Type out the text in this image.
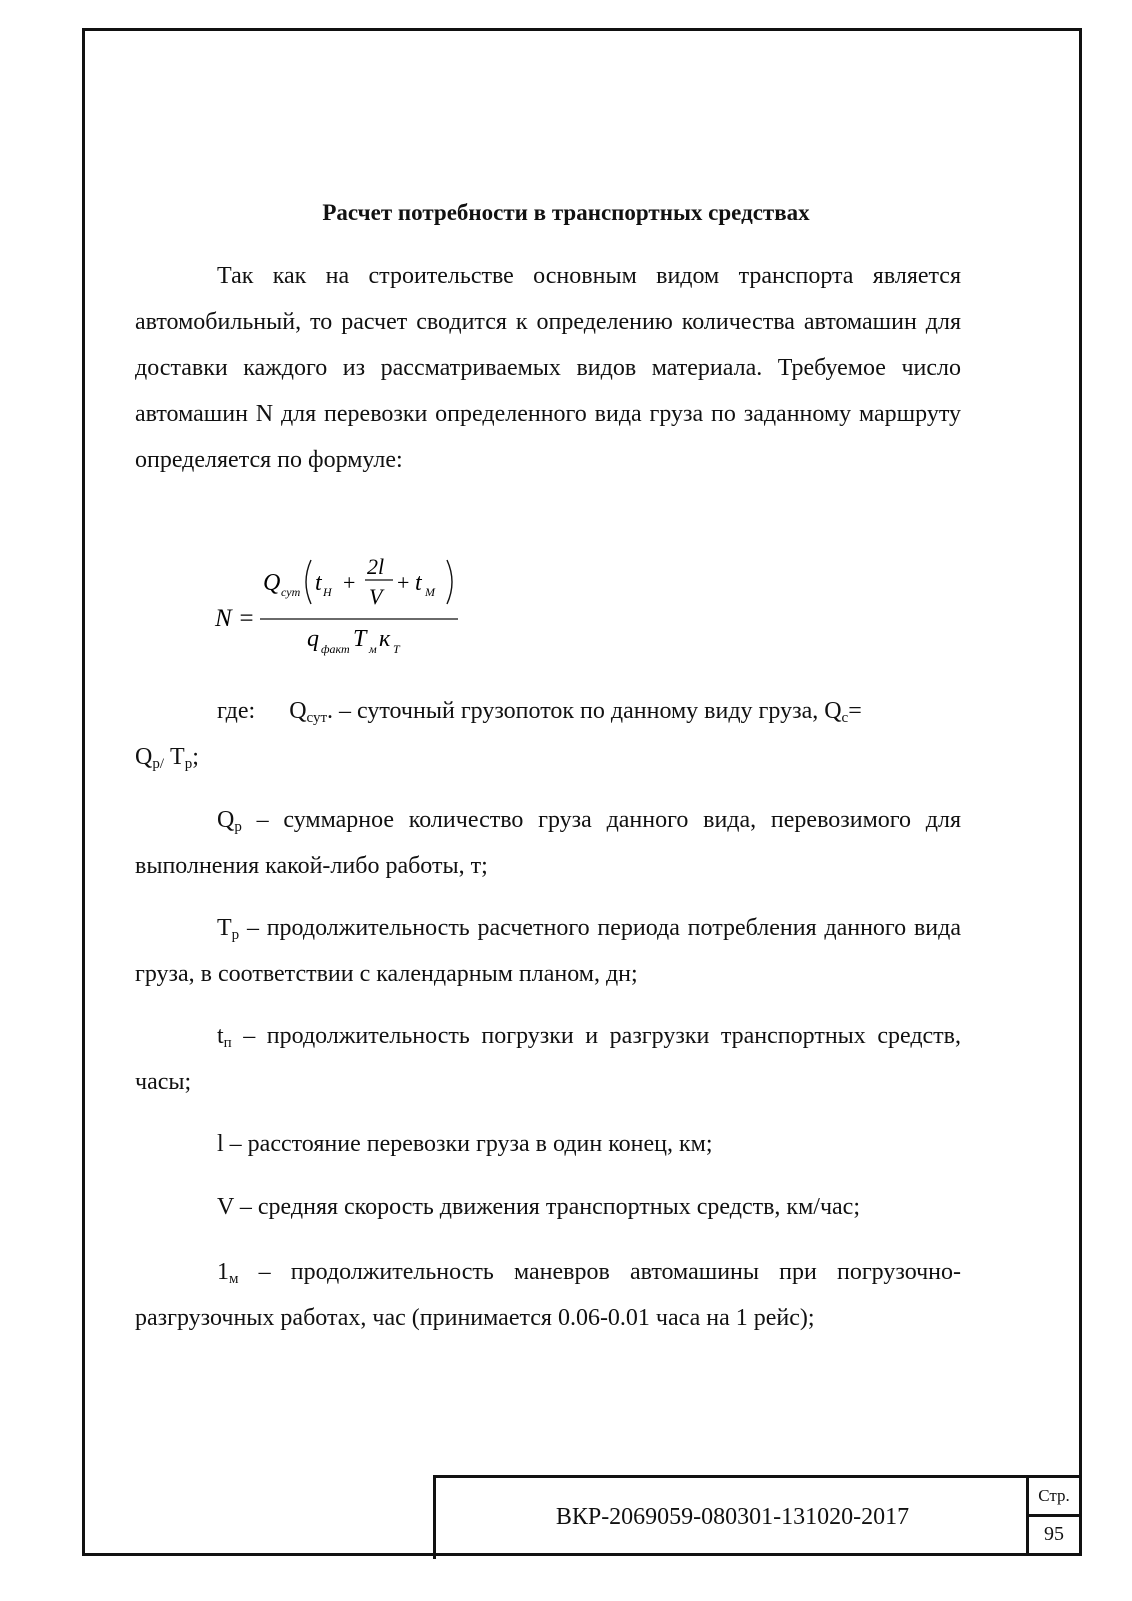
Расчет потребности в транспортных средствах

Так как на строительстве основным видом транспорта является автомобильный, то расчет сводится к определению количества автомашин для доставки каждого из рассматриваемых видов материала. Требуемое число автомашин N для перевозки определенного вида груза по заданному маршруту определяется по формуле:

N =
Q сут t Н +
2l
V
+ t М
q факт T м к Т

где: $Q_{сут}$. – суточный грузопоток по данному виду груза, $Q_с=$

$Q_{р/}$ $T_р$;

$Q_р$ – суммарное количество груза данного вида, перевозимого для выполнения какой-либо работы, т;

$T_р$ – продолжительность расчетного периода потребления данного вида груза, в соответствии с календарным планом, дн;

$t_п$ – продолжительность погрузки и разгрузки транспортных средств, часы;

l – расстояние перевозки груза в один конец, км;

V – средняя скорость движения транспортных средств, км/час;

$1_м$ – продолжительность маневров автомашины при погрузочно-разгрузочных работах, час (принимается 0.06-0.01 часа на 1 рейс);

ВКР-2069059-080301-131020-2017
Стр.
95
